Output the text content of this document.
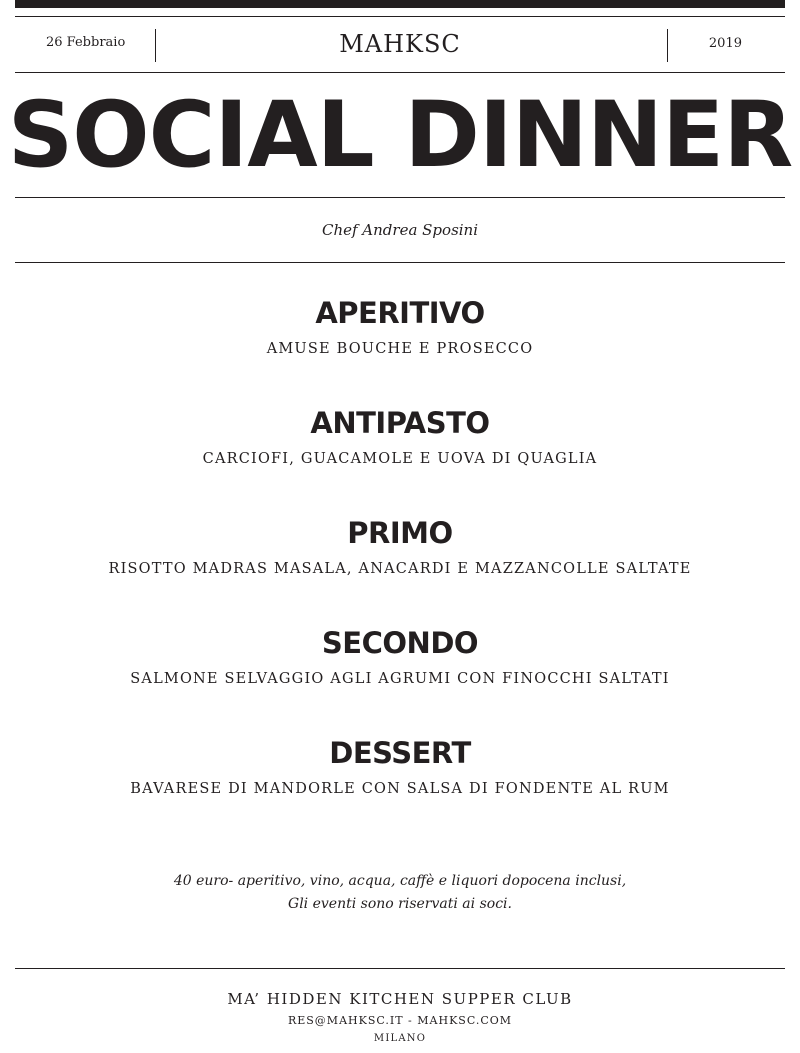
26 Febbraio	MAHKSC	2019
SOCIAL DINNER
Chef Andrea Sposini
APERITIVO
AMUSE BOUCHE E PROSECCO
ANTIPASTO
CARCIOFI, GUACAMOLE E UOVA DI QUAGLIA
PRIMO
RISOTTO MADRAS MASALA, ANACARDI E MAZZANCOLLE SALTATE
SECONDO
SALMONE SELVAGGIO AGLI AGRUMI CON FINOCCHI SALTATI
DESSERT
BAVARESE DI MANDORLE CON SALSA DI FONDENTE AL RUM
40 euro- aperitivo, vino, acqua, caffè e liquori dopocena inclusi,
Gli eventi sono riservati ai soci.
MA’ HIDDEN KITCHEN SUPPER CLUB
RES@MAHKSC.IT - MAHKSC.COM
MILANO
